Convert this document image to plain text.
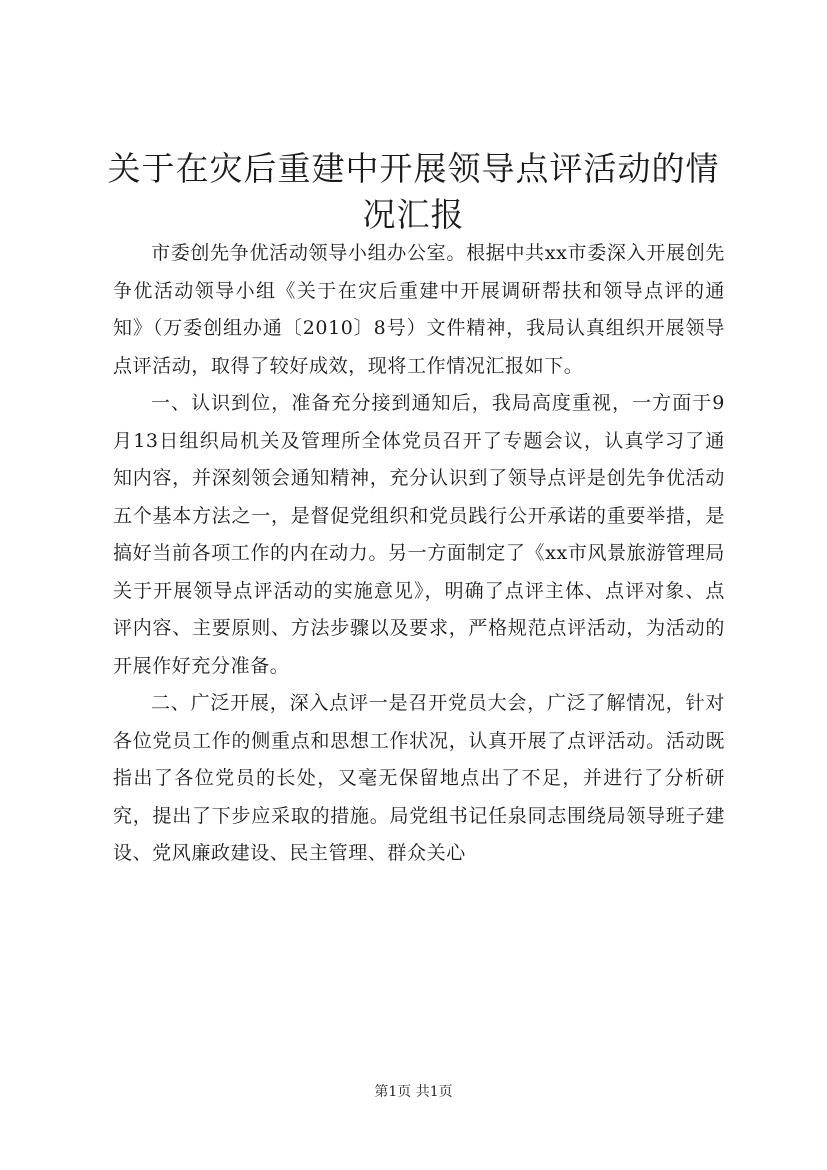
关于在灾后重建中开展领导点评活动的情况汇报

市委创先争优活动领导小组办公室。根据中共xx市委深入开展创先争优活动领导小组《关于在灾后重建中开展调研帮扶和领导点评的通知》（万委创组办通〔2010〕8号）文件精神，我局认真组织开展领导点评活动，取得了较好成效，现将工作情况汇报如下。

一、认识到位，准备充分接到通知后，我局高度重视，一方面于9月13日组织局机关及管理所全体党员召开了专题会议，认真学习了通知内容，并深刻领会通知精神，充分认识到了领导点评是创先争优活动五个基本方法之一，是督促党组织和党员践行公开承诺的重要举措，是搞好当前各项工作的内在动力。另一方面制定了《xx市风景旅游管理局关于开展领导点评活动的实施意见》，明确了点评主体、点评对象、点评内容、主要原则、方法步骤以及要求，严格规范点评活动，为活动的开展作好充分准备。

二、广泛开展，深入点评一是召开党员大会，广泛了解情况，针对各位党员工作的侧重点和思想工作状况，认真开展了点评活动。活动既指出了各位党员的长处，又毫无保留地点出了不足，并进行了分析研究，提出了下步应采取的措施。局党组书记任泉同志围绕局领导班子建设、党风廉政建设、民主管理、群众关心

第1页 共1页
